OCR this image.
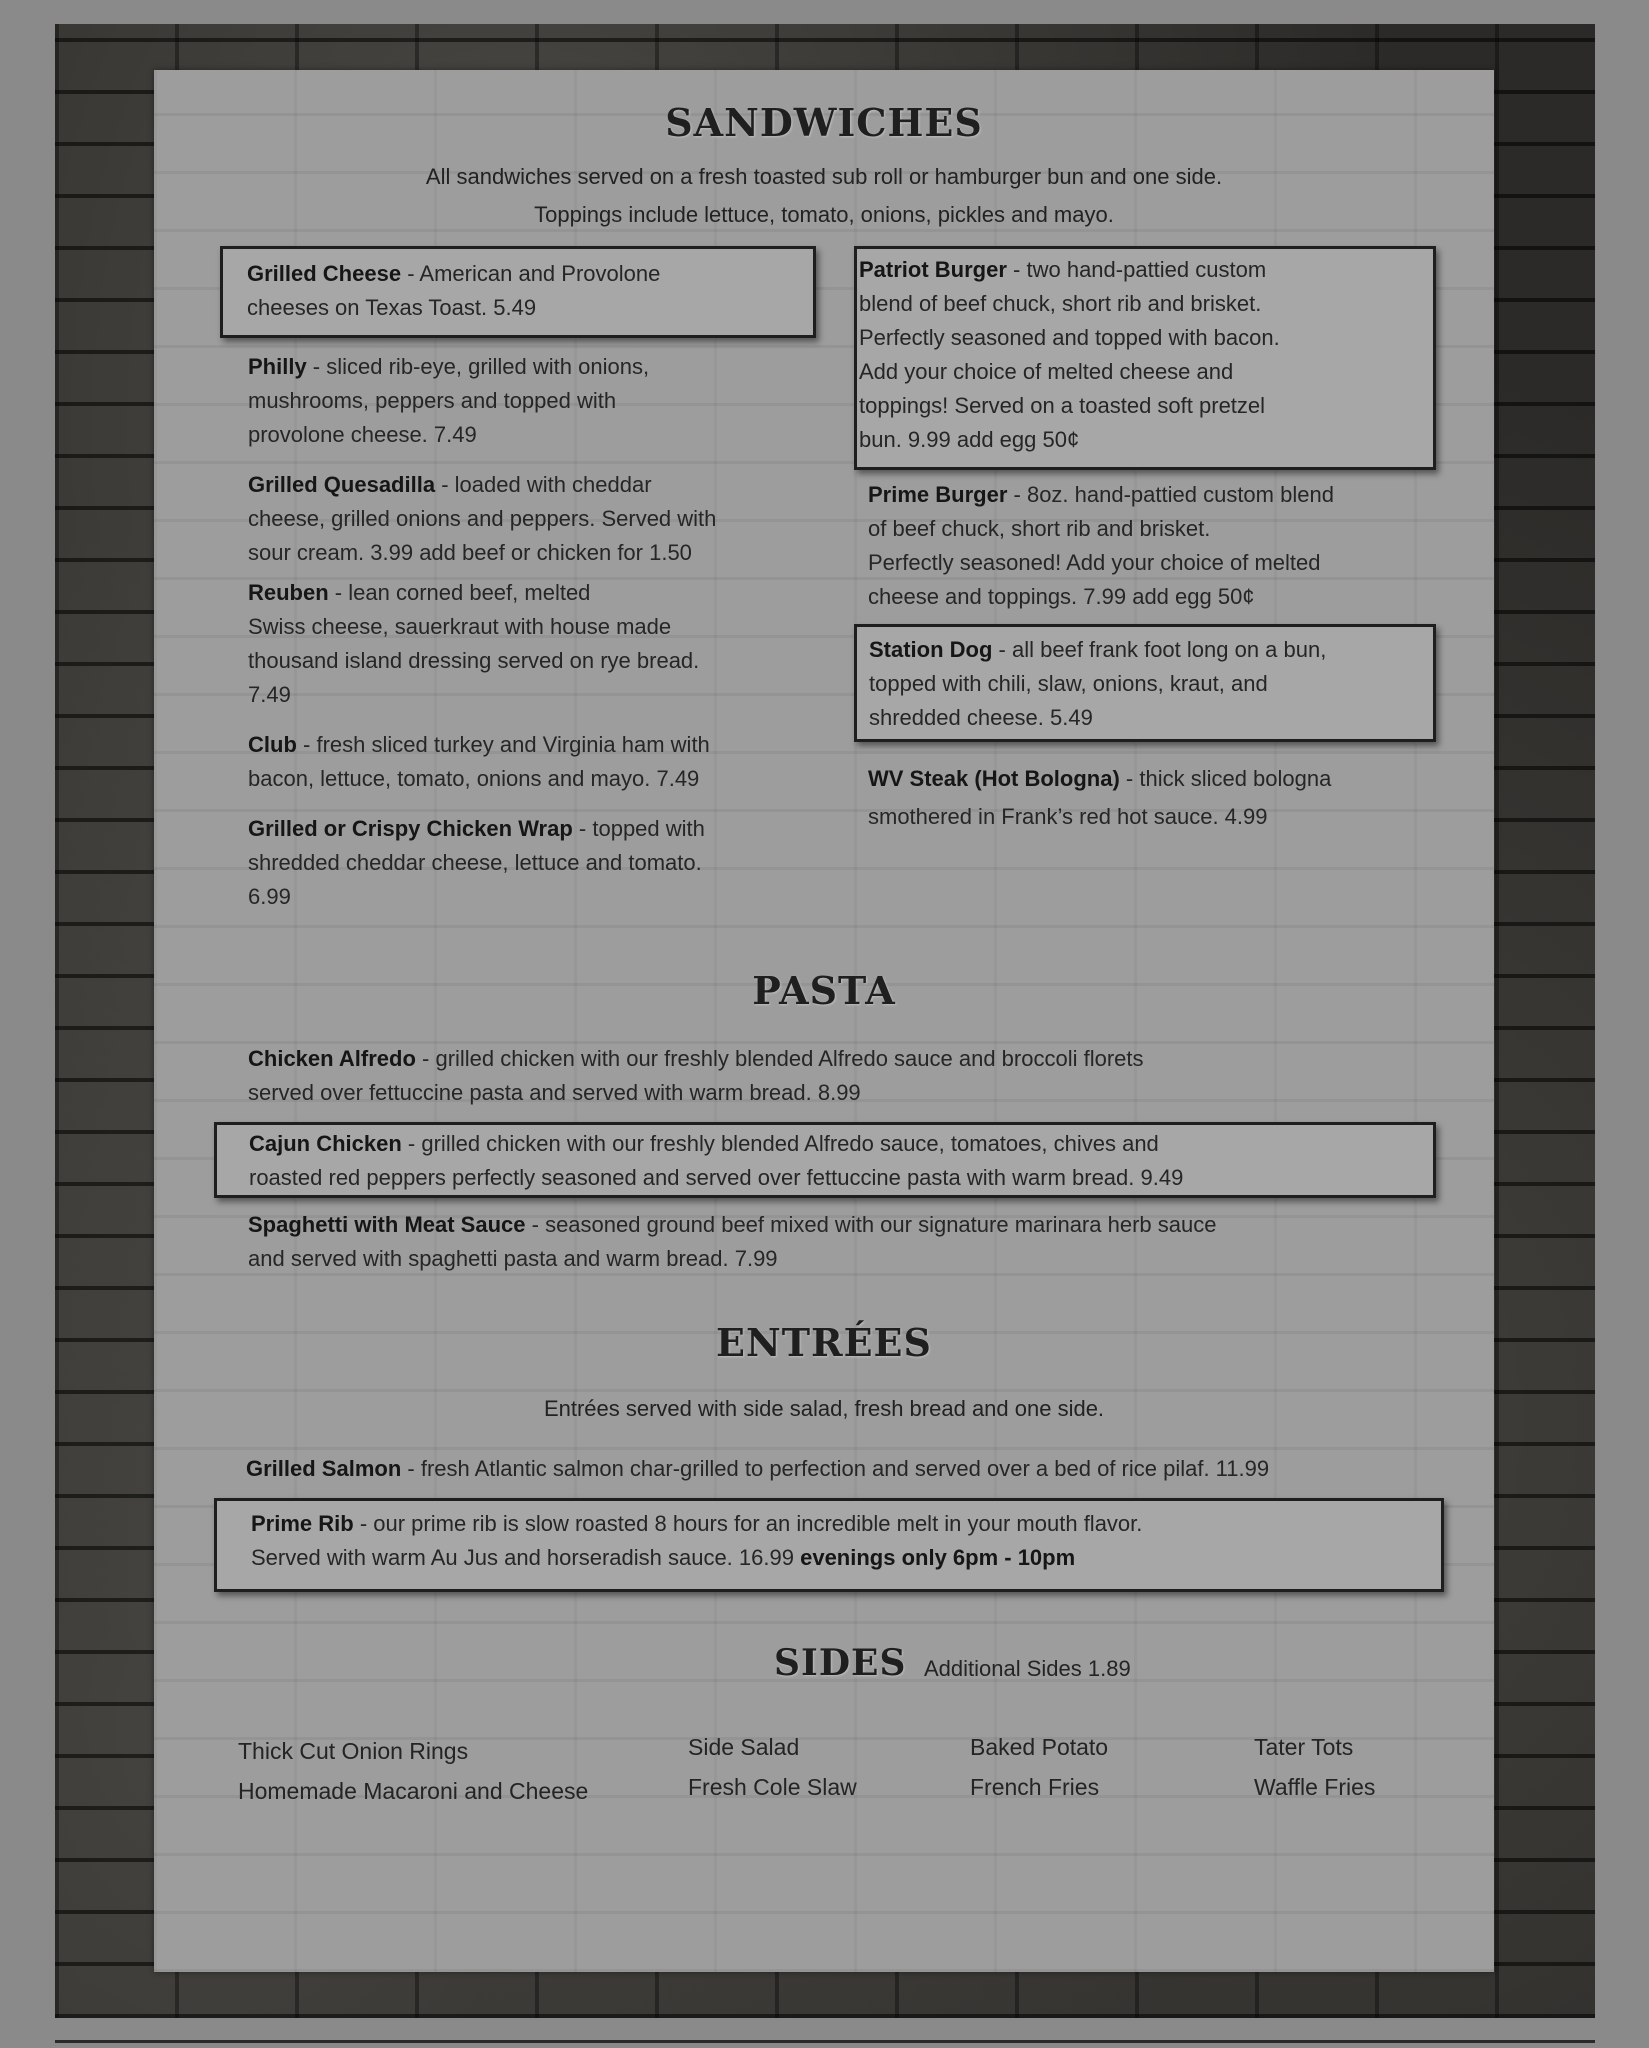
SANDWICHES
All sandwiches served on a fresh toasted sub roll or hamburger bun and one side.
Toppings include lettuce, tomato, onions, pickles and mayo.
Grilled Cheese - American and Provolone
cheeses on Texas Toast. 5.49
Philly - sliced rib-eye, grilled with onions,
mushrooms, peppers and topped with
provolone cheese. 7.49
Grilled Quesadilla - loaded with cheddar
cheese, grilled onions and peppers. Served with
sour cream. 3.99 add beef or chicken for 1.50
Reuben - lean corned beef, melted
Swiss cheese, sauerkraut with house made
thousand island dressing served on rye bread.
7.49
Club - fresh sliced turkey and Virginia ham with
bacon, lettuce, tomato, onions and mayo. 7.49
Grilled or Crispy Chicken Wrap - topped with
shredded cheddar cheese, lettuce and tomato.
6.99
Patriot Burger - two hand-pattied custom
blend of beef chuck, short rib and brisket.
Perfectly seasoned and topped with bacon.
Add your choice of melted cheese and
toppings! Served on a toasted soft pretzel
bun. 9.99 add egg 50¢
Prime Burger - 8oz. hand-pattied custom blend
of beef chuck, short rib and brisket.
Perfectly seasoned! Add your choice of melted
cheese and toppings. 7.99 add egg 50¢
Station Dog - all beef frank foot long on a bun,
topped with chili, slaw, onions, kraut, and
shredded cheese. 5.49
WV Steak (Hot Bologna) - thick sliced bologna
smothered in Frank’s red hot sauce. 4.99
PASTA
Chicken Alfredo - grilled chicken with our freshly blended Alfredo sauce and broccoli florets
served over fettuccine pasta and served with warm bread. 8.99
Cajun Chicken - grilled chicken with our freshly blended Alfredo sauce, tomatoes, chives and
roasted red peppers perfectly seasoned and served over fettuccine pasta with warm bread. 9.49
Spaghetti with Meat Sauce - seasoned ground beef mixed with our signature marinara herb sauce
and served with spaghetti pasta and warm bread. 7.99
ENTRÉES
Entrées served with side salad, fresh bread and one side.
Grilled Salmon - fresh Atlantic salmon char-grilled to perfection and served over a bed of rice pilaf. 11.99
Prime Rib - our prime rib is slow roasted 8 hours for an incredible melt in your mouth flavor.
Served with warm Au Jus and horseradish sauce. 16.99 evenings only 6pm - 10pm
SIDES Additional Sides 1.89
Thick Cut Onion Rings
Homemade Macaroni and Cheese
Side Salad
Fresh Cole Slaw
Baked Potato
French Fries
Tater Tots
Waffle Fries
